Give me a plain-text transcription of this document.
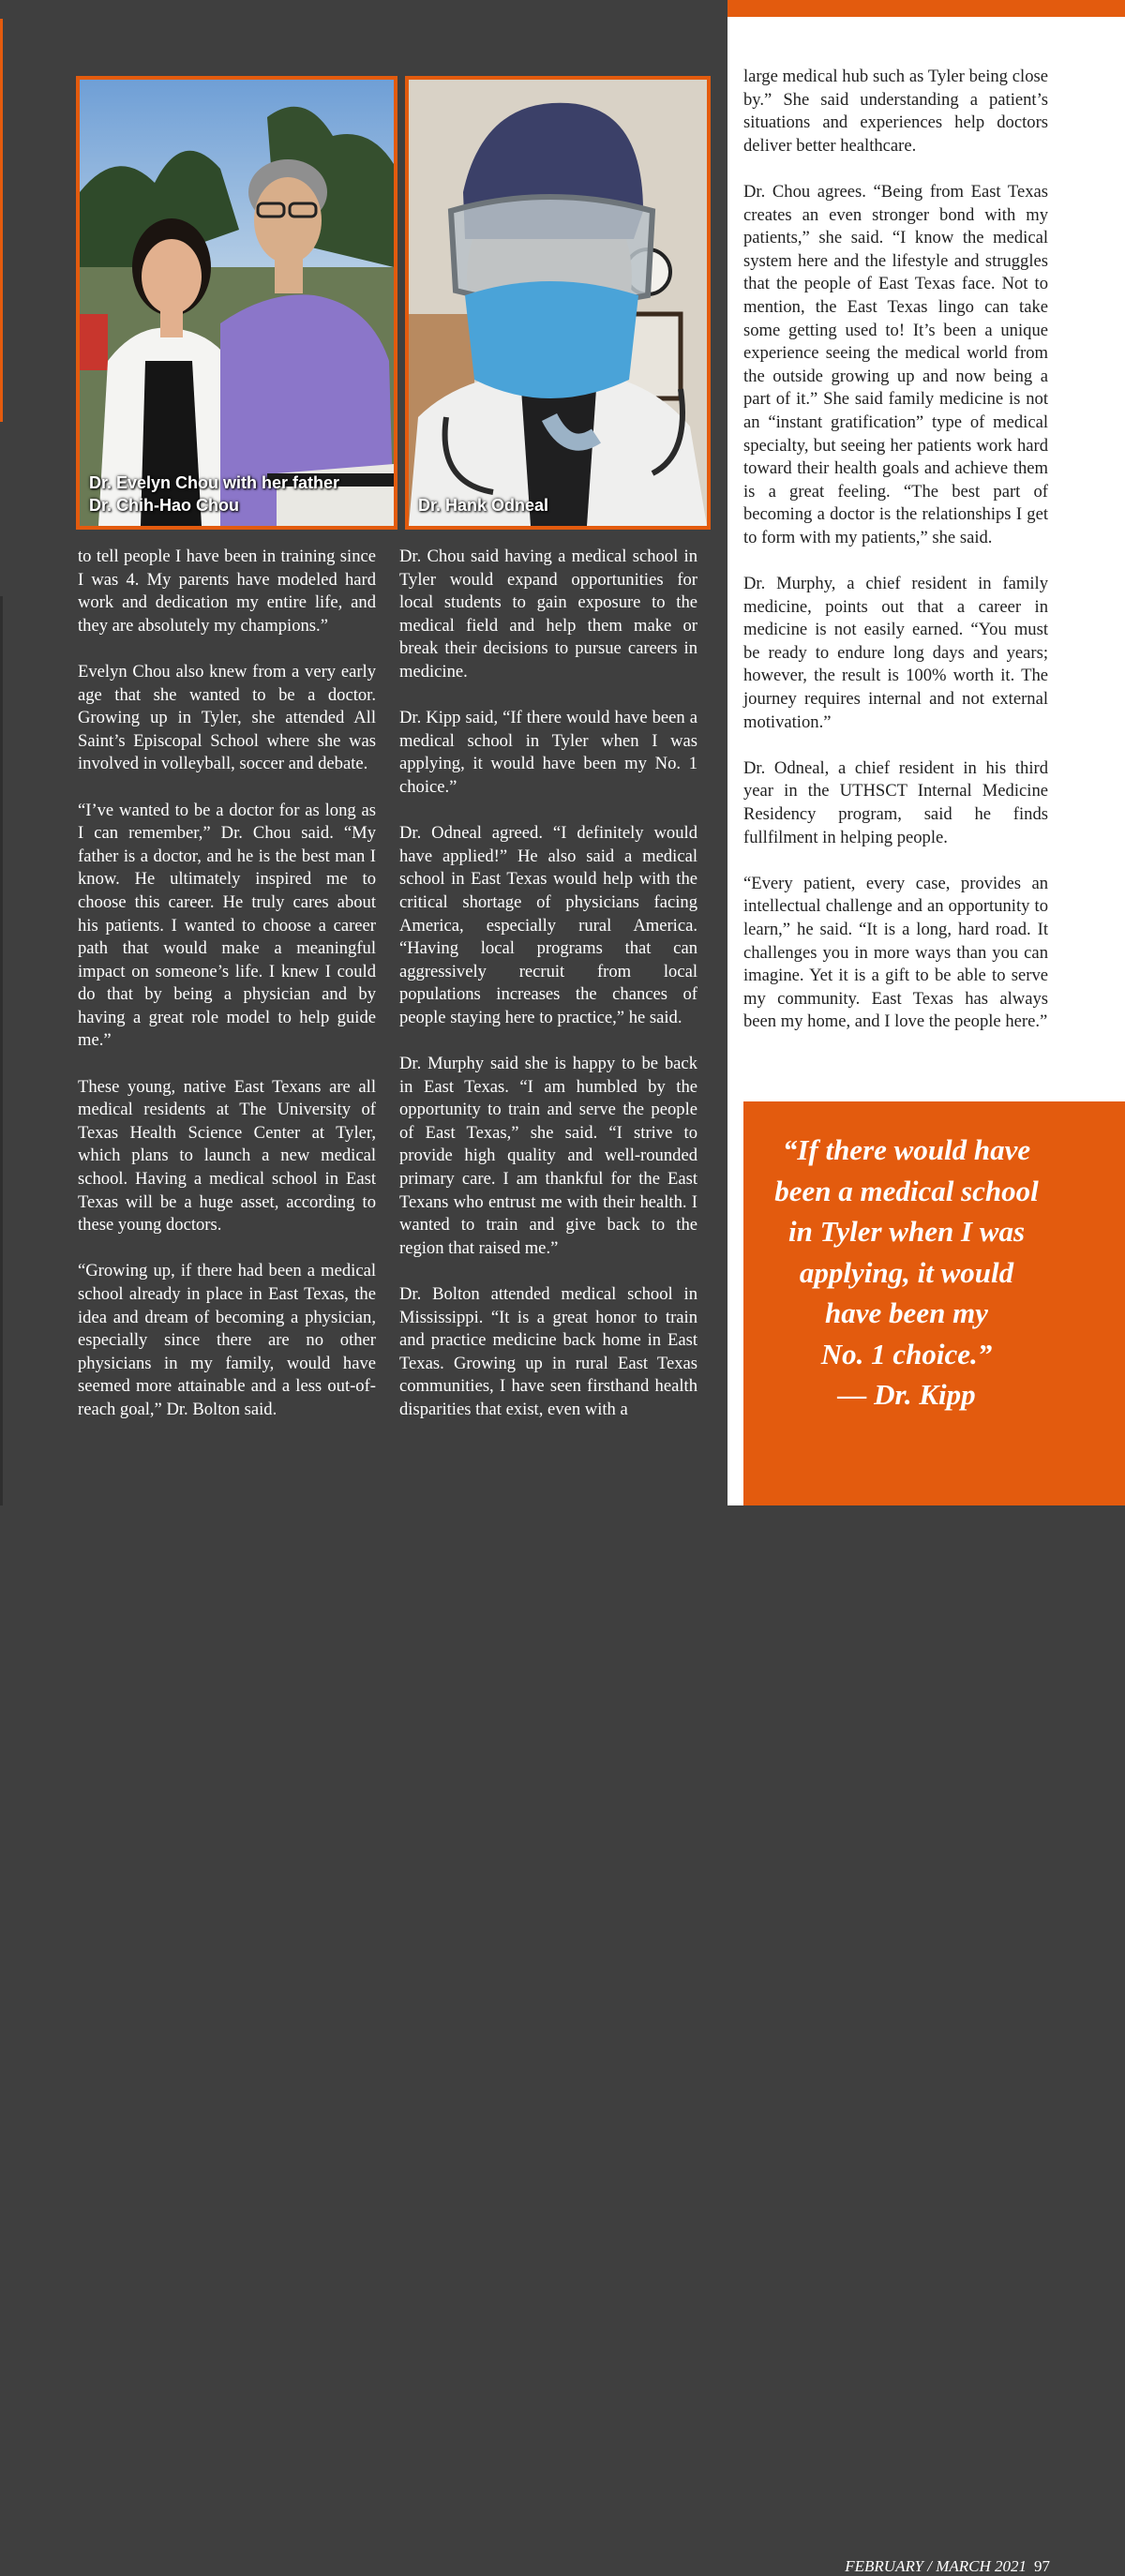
Dr. Evelyn Chou with her father
Dr. Chih-Hao Chou	Dr. Hank Odneal

to tell people I have been in training since I was 4. My parents have modeled hard work and dedication my entire life, and they are absolutely my champions.”

Evelyn Chou also knew from a very early age that she wanted to be a doctor. Growing up in Tyler, she attended All Saint’s Episcopal School where she was involved in volleyball, soccer and debate.

“I’ve wanted to be a doctor for as long as I can remember,” Dr. Chou said. “My father is a doctor, and he is the best man I know. He ultimately inspired me to choose this career. He truly cares about his patients. I wanted to choose a career path that would make a meaningful impact on someone’s life. I knew I could do that by being a physician and by having a great role model to help guide me.”

These young, native East Texans are all medical residents at The University of Texas Health Science Center at Tyler, which plans to launch a new medical school. Having a medical school in East Texas will be a huge asset, according to these young doctors.

“Growing up, if there had been a medical school already in place in East Texas, the idea and dream of becoming a physician, especially since there are no other physicians in my family, would have seemed more attainable and a less out-of-reach goal,” Dr. Bolton said.

Dr. Chou said having a medical school in Tyler would expand opportunities for local students to gain exposure to the medical field and help them make or break their decisions to pursue careers in medicine.

Dr. Kipp said, “If there would have been a medical school in Tyler when I was applying, it would have been my No. 1 choice.”

Dr. Odneal agreed. “I definitely would have applied!” He also said a medical school in East Texas would help with the critical shortage of physicians facing America, especially rural America. “Having local programs that can aggressively recruit from local populations increases the chances of people staying here to practice,” he said.

Dr. Murphy said she is happy to be back in East Texas. “I am humbled by the opportunity to train and serve the people of East Texas,” she said. “I strive to provide high quality and well-rounded primary care. I am thankful for the East Texans who entrust me with their health. I wanted to train and give back to the region that raised me.”

Dr. Bolton attended medical school in Mississippi. “It is a great honor to train and practice medicine back home in East Texas. Growing up in rural East Texas communities, I have seen firsthand health disparities that exist, even with a

large medical hub such as Tyler being close by.” She said understanding a patient’s situations and experiences help doctors deliver better healthcare.

Dr. Chou agrees. “Being from East Texas creates an even stronger bond with my patients,” she said. “I know the medical system here and the lifestyle and struggles that the people of East Texas face. Not to mention, the East Texas lingo can take some getting used to! It’s been a unique experience seeing the medical world from the outside growing up and now being a part of it.” She said family medicine is not an “instant gratification” type of medical specialty, but seeing her patients work hard toward their health goals and achieve them is a great feeling. “The best part of becoming a doctor is the relationships I get to form with my patients,” she said.

Dr. Murphy, a chief resident in family medicine, points out that a career in medicine is not easily earned. “You must be ready to endure long days and years; however, the result is 100% worth it. The journey requires internal and not external motivation.”

Dr. Odneal, a chief resident in his third year in the UTHSCT Internal Medicine Residency program, said he finds fullfilment in helping people.

“Every patient, every case, provides an intellectual challenge and an opportunity to learn,” he said. “It is a long, hard road. It challenges you in more ways than you can imagine. Yet it is a gift to be able to serve my community. East Texas has always been my home, and I love the people here.”

“If there would have
been a medical school
in Tyler when I was
applying, it would
have been my
No. 1 choice.”
— Dr. Kipp
FEBRUARY / MARCH 2021 97
